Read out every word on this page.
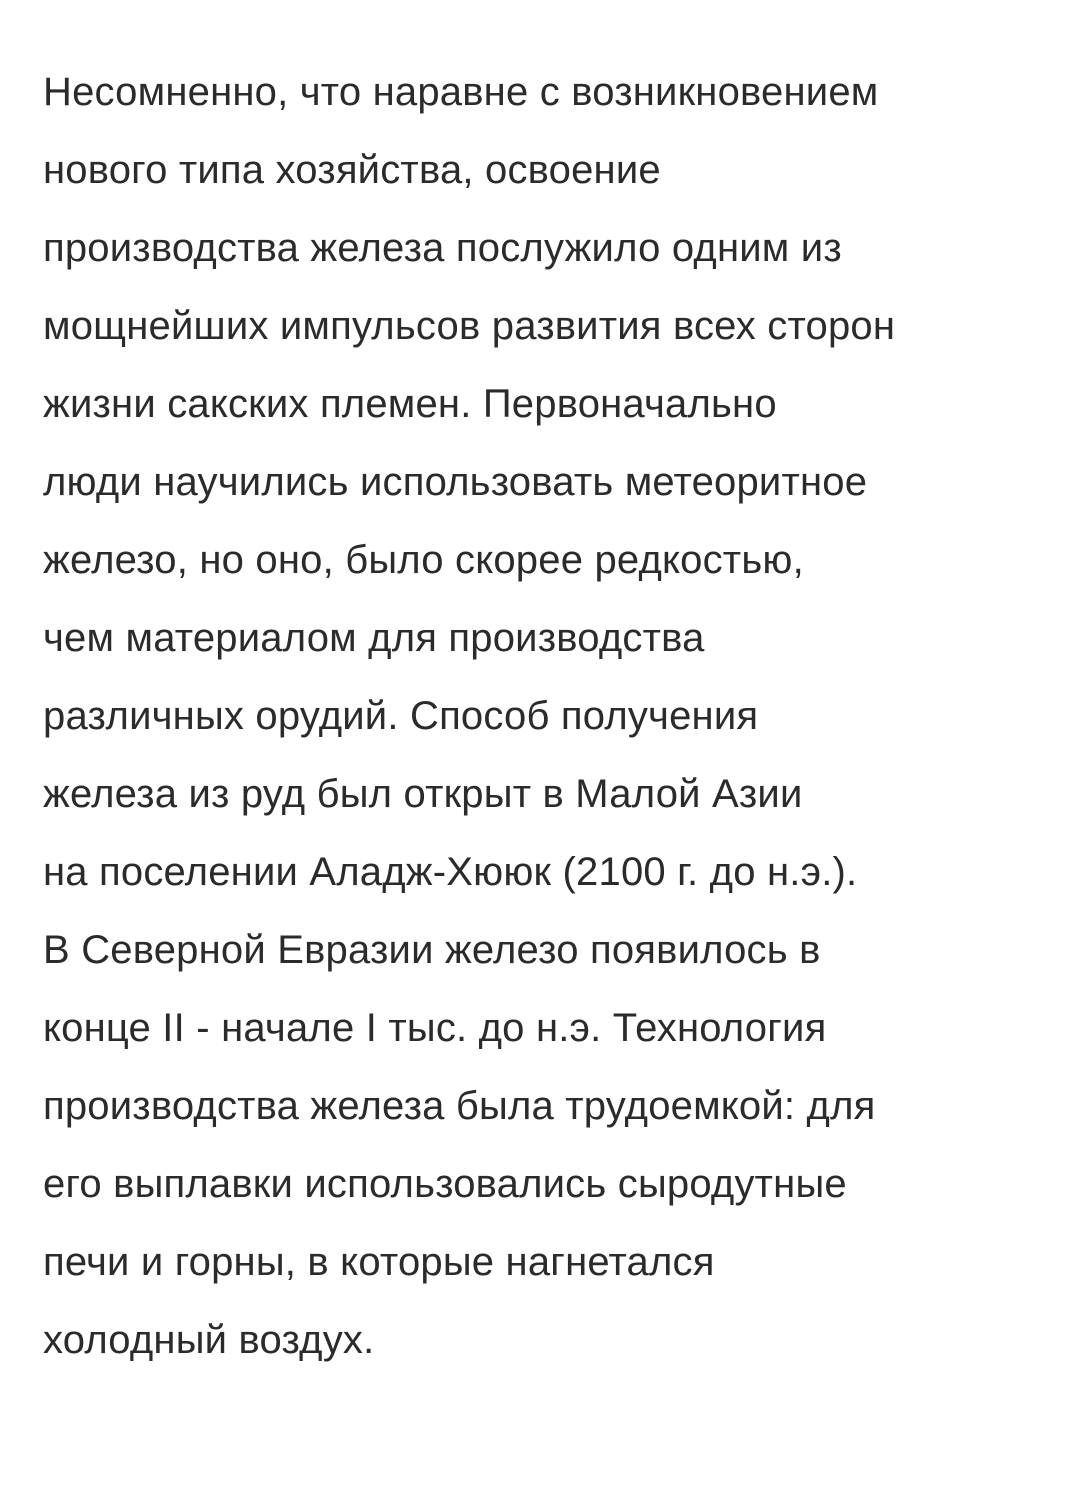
Несомненно, что наравне с возникновением
нового типа хозяйства, освоение
производства железа послужило одним из
мощнейших импульсов развития всех сторон
жизни сакских племен. Первоначально
люди научились использовать метеоритное
железо, но оно, было скорее редкостью,
чем материалом для производства
различных орудий. Способ получения
железа из руд был открыт в Малой Азии
на поселении Аладж-Хююк (2100 г. до н.э.).
В Северной Евразии железо появилось в
конце II - начале I тыс. до н.э. Технология
производства железа была трудоемкой: для
его выплавки использовались сыродутные
печи и горны, в которые нагнетался
холодный воздух.
